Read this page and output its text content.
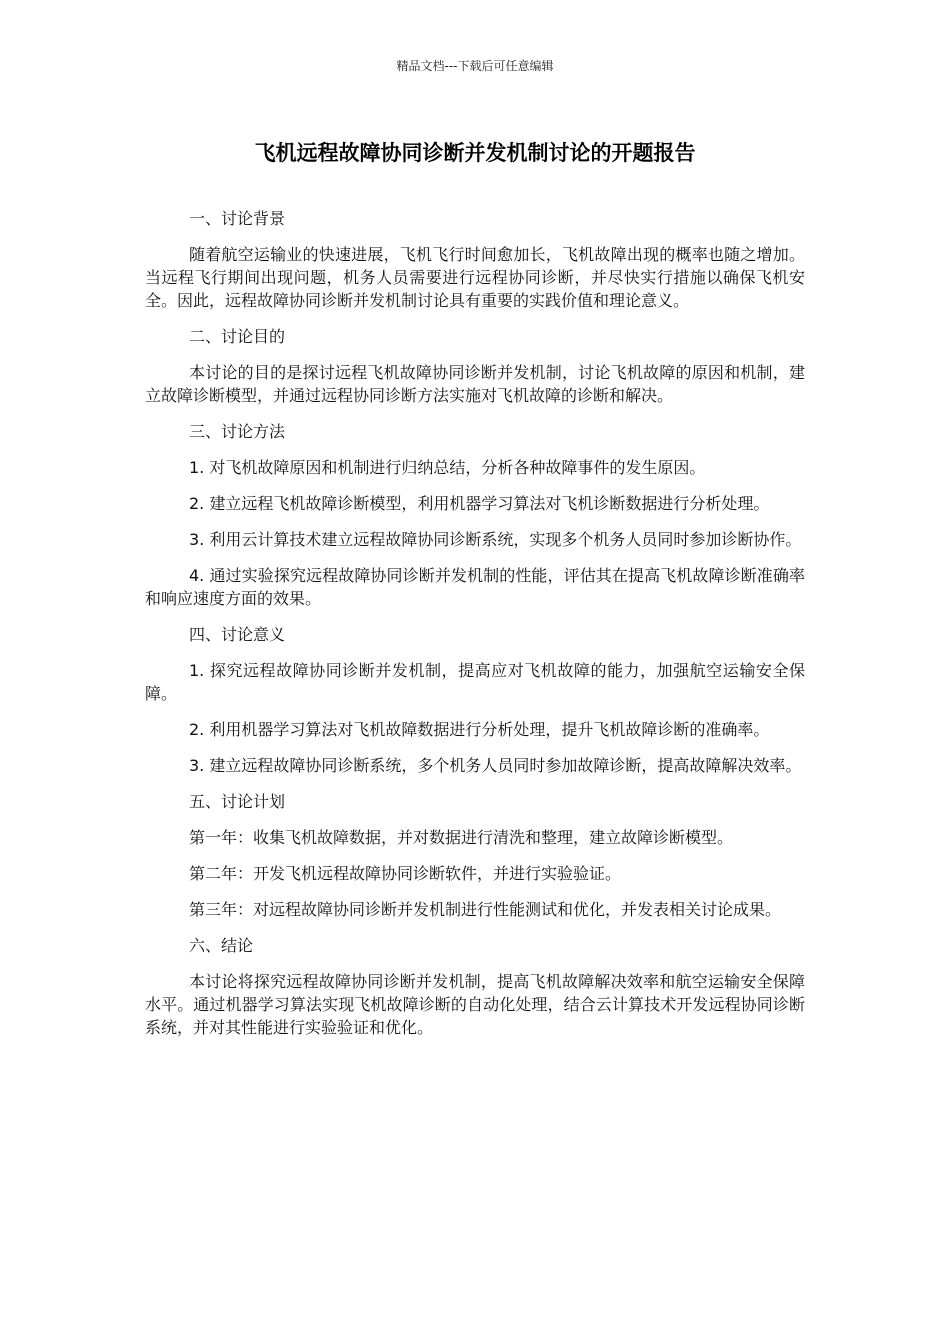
精品文档---下载后可任意编辑
飞机远程故障协同诊断并发机制讨论的开题报告

一、讨论背景

随着航空运输业的快速进展，飞机飞行时间愈加长，飞机故障出现的概率也随之增加。当远程飞行期间出现问题，机务人员需要进行远程协同诊断，并尽快实行措施以确保飞机安全。因此，远程故障协同诊断并发机制讨论具有重要的实践价值和理论意义。

二、讨论目的

本讨论的目的是探讨远程飞机故障协同诊断并发机制，讨论飞机故障的原因和机制，建立故障诊断模型，并通过远程协同诊断方法实施对飞机故障的诊断和解决。

三、讨论方法

1. 对飞机故障原因和机制进行归纳总结，分析各种故障事件的发生原因。

2. 建立远程飞机故障诊断模型，利用机器学习算法对飞机诊断数据进行分析处理。

3. 利用云计算技术建立远程故障协同诊断系统，实现多个机务人员同时参加诊断协作。

4. 通过实验探究远程故障协同诊断并发机制的性能，评估其在提高飞机故障诊断准确率和响应速度方面的效果。

四、讨论意义

1. 探究远程故障协同诊断并发机制，提高应对飞机故障的能力，加强航空运输安全保障。

2. 利用机器学习算法对飞机故障数据进行分析处理，提升飞机故障诊断的准确率。

3. 建立远程故障协同诊断系统，多个机务人员同时参加故障诊断，提高故障解决效率。

五、讨论计划

第一年：收集飞机故障数据，并对数据进行清洗和整理，建立故障诊断模型。

第二年：开发飞机远程故障协同诊断软件，并进行实验验证。

第三年：对远程故障协同诊断并发机制进行性能测试和优化，并发表相关讨论成果。

六、结论

本讨论将探究远程故障协同诊断并发机制，提高飞机故障解决效率和航空运输安全保障水平。通过机器学习算法实现飞机故障诊断的自动化处理，结合云计算技术开发远程协同诊断系统，并对其性能进行实验验证和优化。
